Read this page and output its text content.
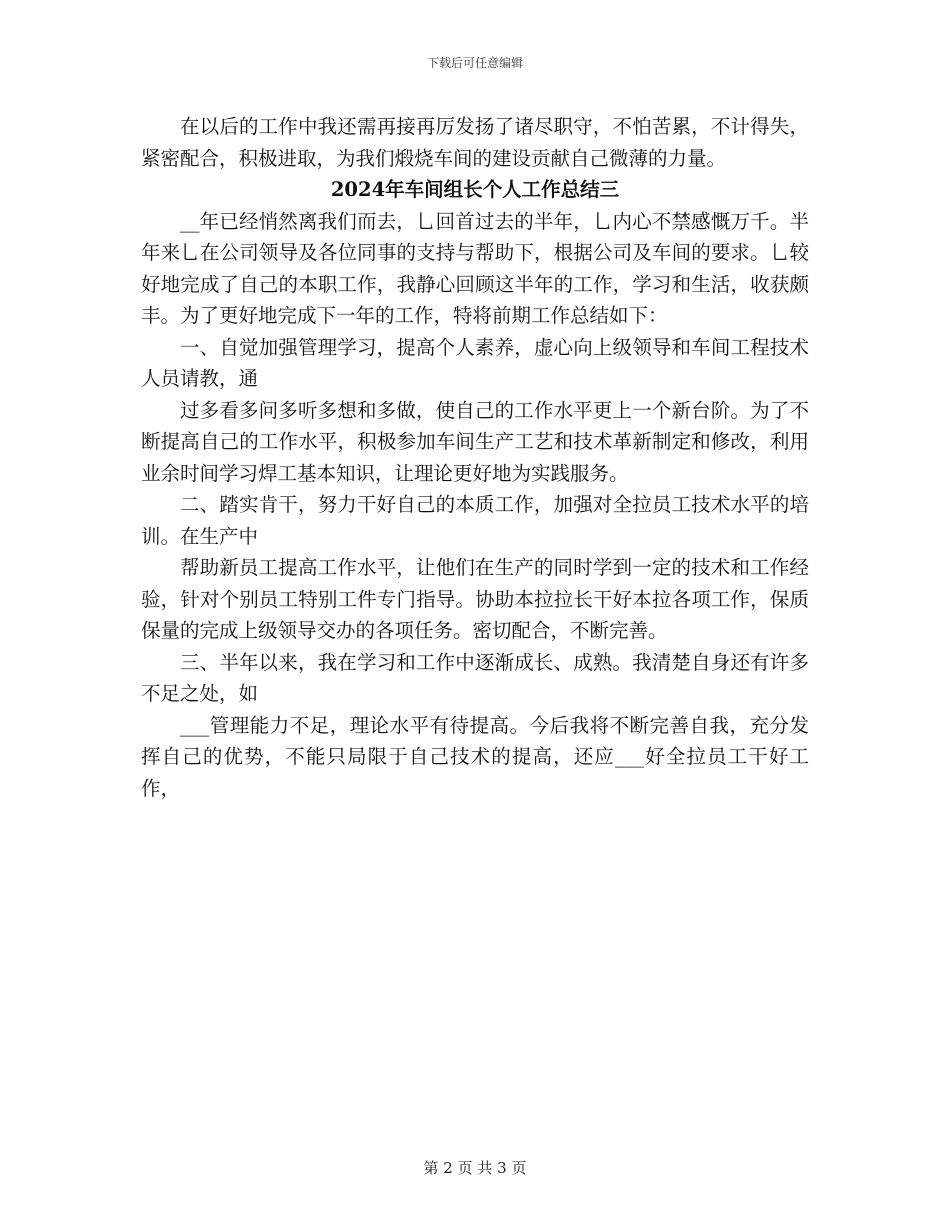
下载后可任意编辑

在以后的工作中我还需再接再厉发扬了诸尽职守，不怕苦累，不计得失，紧密配合，积极进取，为我们煅烧车间的建设贡献自己微薄的力量。

2024年车间组长个人工作总结三

__年已经悄然离我们而去，乚回首过去的半年，乚内心不禁感慨万千。半年来乚在公司领导及各位同事的支持与帮助下，根据公司及车间的要求。乚较好地完成了自己的本职工作，我静心回顾这半年的工作，学习和生活，收获颇丰。为了更好地完成下一年的工作，特将前期工作总结如下：

一、自觉加强管理学习，提高个人素养，虚心向上级领导和车间工程技术人员请教，通

过多看多问多听多想和多做，使自己的工作水平更上一个新台阶。为了不断提高自己的工作水平，积极参加车间生产工艺和技术革新制定和修改，利用业余时间学习焊工基本知识，让理论更好地为实践服务。

二、踏实肯干，努力干好自己的本质工作，加强对全拉员工技术水平的培训。在生产中

帮助新员工提高工作水平，让他们在生产的同时学到一定的技术和工作经验，针对个别员工特别工件专门指导。协助本拉拉长干好本拉各项工作，保质保量的完成上级领导交办的各项任务。密切配合，不断完善。

三、半年以来，我在学习和工作中逐渐成长、成熟。我清楚自身还有许多不足之处，如

___管理能力不足，理论水平有待提高。今后我将不断完善自我，充分发挥自己的优势，不能只局限于自己技术的提高，还应___好全拉员工干好工作，

第 2 页 共 3 页
